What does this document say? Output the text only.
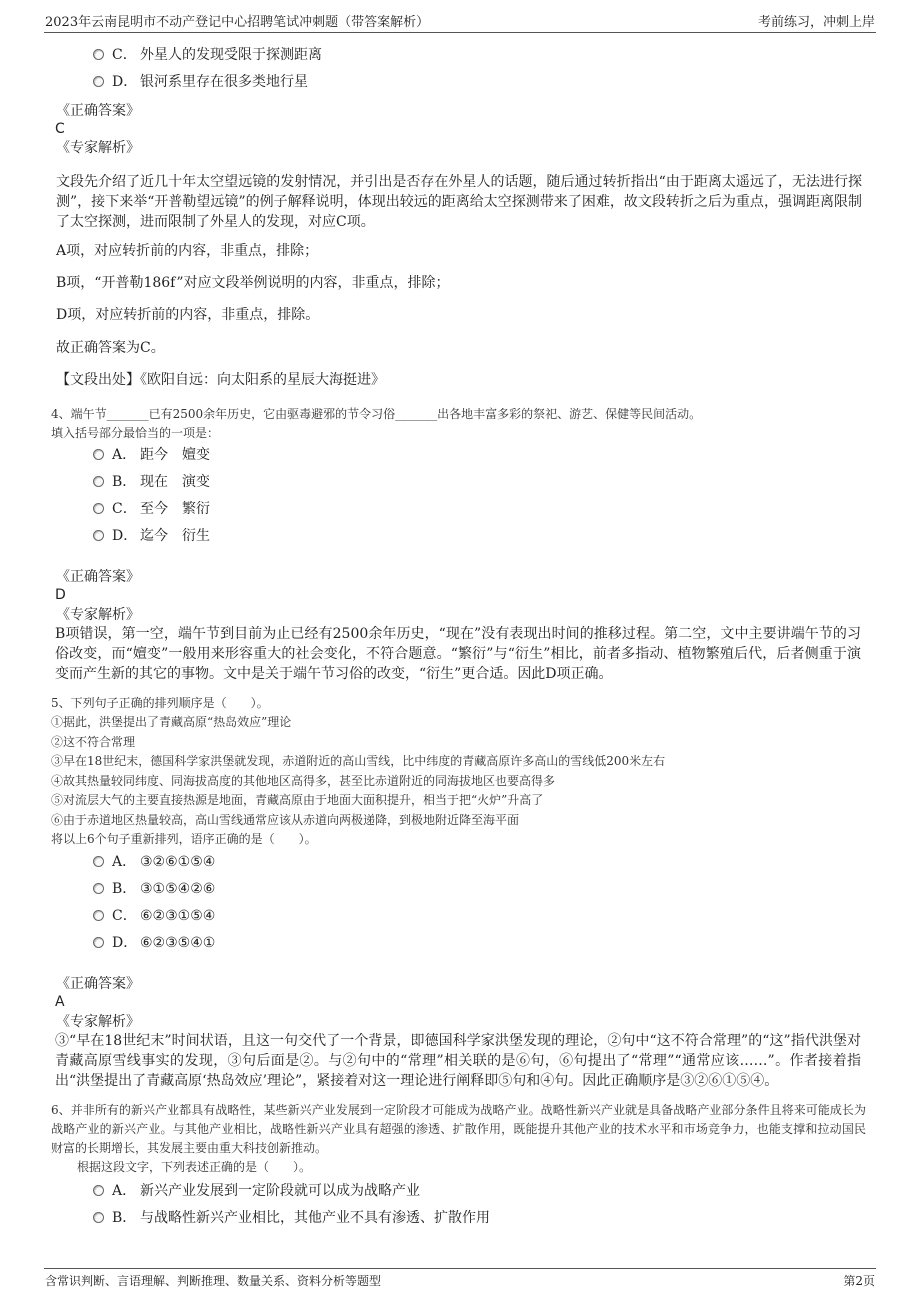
2023年云南昆明市不动产登记中心招聘笔试冲刺题（带答案解析）	考前练习，冲刺上岸
C． 外星人的发现受限于探测距离
D． 银河系里存在很多类地行星
《正确答案》
C
《专家解析》
文段先介绍了近几十年太空望远镜的发射情况，并引出是否存在外星人的话题，随后通过转折指出“由于距离太遥远了，无法进行探测”，接下来举“开普勒望远镜”的例子解释说明，体现出较远的距离给太空探测带来了困难，故文段转折之后为重点，强调距离限制了太空探测，进而限制了外星人的发现，对应C项。
A项，对应转折前的内容，非重点，排除；
B项，“开普勒186f”对应文段举例说明的内容，非重点，排除；
D项，对应转折前的内容，非重点，排除。
故正确答案为C。
【文段出处】《欧阳自远：向太阳系的星辰大海挺进》
4、端午节_______已有2500余年历史，它由驱毒避邪的节令习俗_______出各地丰富多彩的祭祀、游艺、保健等民间活动。
填入括号部分最恰当的一项是：
A． 距今　嬗变
B． 现在　演变
C． 至今　繁衍
D． 迄今　衍生
《正确答案》
D
《专家解析》
B项错误，第一空，端午节到目前为止已经有2500余年历史，“现在”没有表现出时间的推移过程。第二空，文中主要讲端午节的习俗改变，而“嬗变”一般用来形容重大的社会变化，不符合题意。“繁衍”与“衍生”相比，前者多指动、植物繁殖后代，后者侧重于演变而产生新的其它的事物。文中是关于端午节习俗的改变，“衍生”更合适。因此D项正确。
5、下列句子正确的排列顺序是（　　）。
①据此，洪堡提出了青藏高原“热岛效应”理论
②这不符合常理
③早在18世纪末，德国科学家洪堡就发现，赤道附近的高山雪线，比中纬度的青藏高原许多高山的雪线低200米左右
④故其热量较同纬度、同海拔高度的其他地区高得多，甚至比赤道附近的同海拔地区也要高得多
⑤对流层大气的主要直接热源是地面，青藏高原由于地面大面积提升，相当于把“火炉”升高了
⑥由于赤道地区热量较高，高山雪线通常应该从赤道向两极递降，到极地附近降至海平面
将以上6个句子重新排列，语序正确的是（　　）。
A． ③②⑥①⑤④
B． ③①⑤④②⑥
C． ⑥②③①⑤④
D． ⑥②③⑤④①
《正确答案》
A
《专家解析》
③“早在18世纪末”时间状语，且这一句交代了一个背景，即德国科学家洪堡发现的理论，②句中“这不符合常理”的“这”指代洪堡对青藏高原雪线事实的发现，③句后面是②。与②句中的“常理”相关联的是⑥句，⑥句提出了“常理”“通常应该……”。作者接着指出“洪堡提出了青藏高原‘热岛效应’理论”，紧接着对这一理论进行阐释即⑤句和④句。因此正确顺序是③②⑥①⑤④。
6、并非所有的新兴产业都具有战略性，某些新兴产业发展到一定阶段才可能成为战略产业。战略性新兴产业就是具备战略产业部分条件且将来可能成长为战略产业的新兴产业。与其他产业相比，战略性新兴产业具有超强的渗透、扩散作用，既能提升其他产业的技术水平和市场竞争力，也能支撑和拉动国民财富的长期增长，其发展主要由重大科技创新推动。
根据这段文字，下列表述正确的是（　　）。
A． 新兴产业发展到一定阶段就可以成为战略产业
B． 与战略性新兴产业相比，其他产业不具有渗透、扩散作用
含常识判断、言语理解、判断推理、数量关系、资料分析等题型	第2页
